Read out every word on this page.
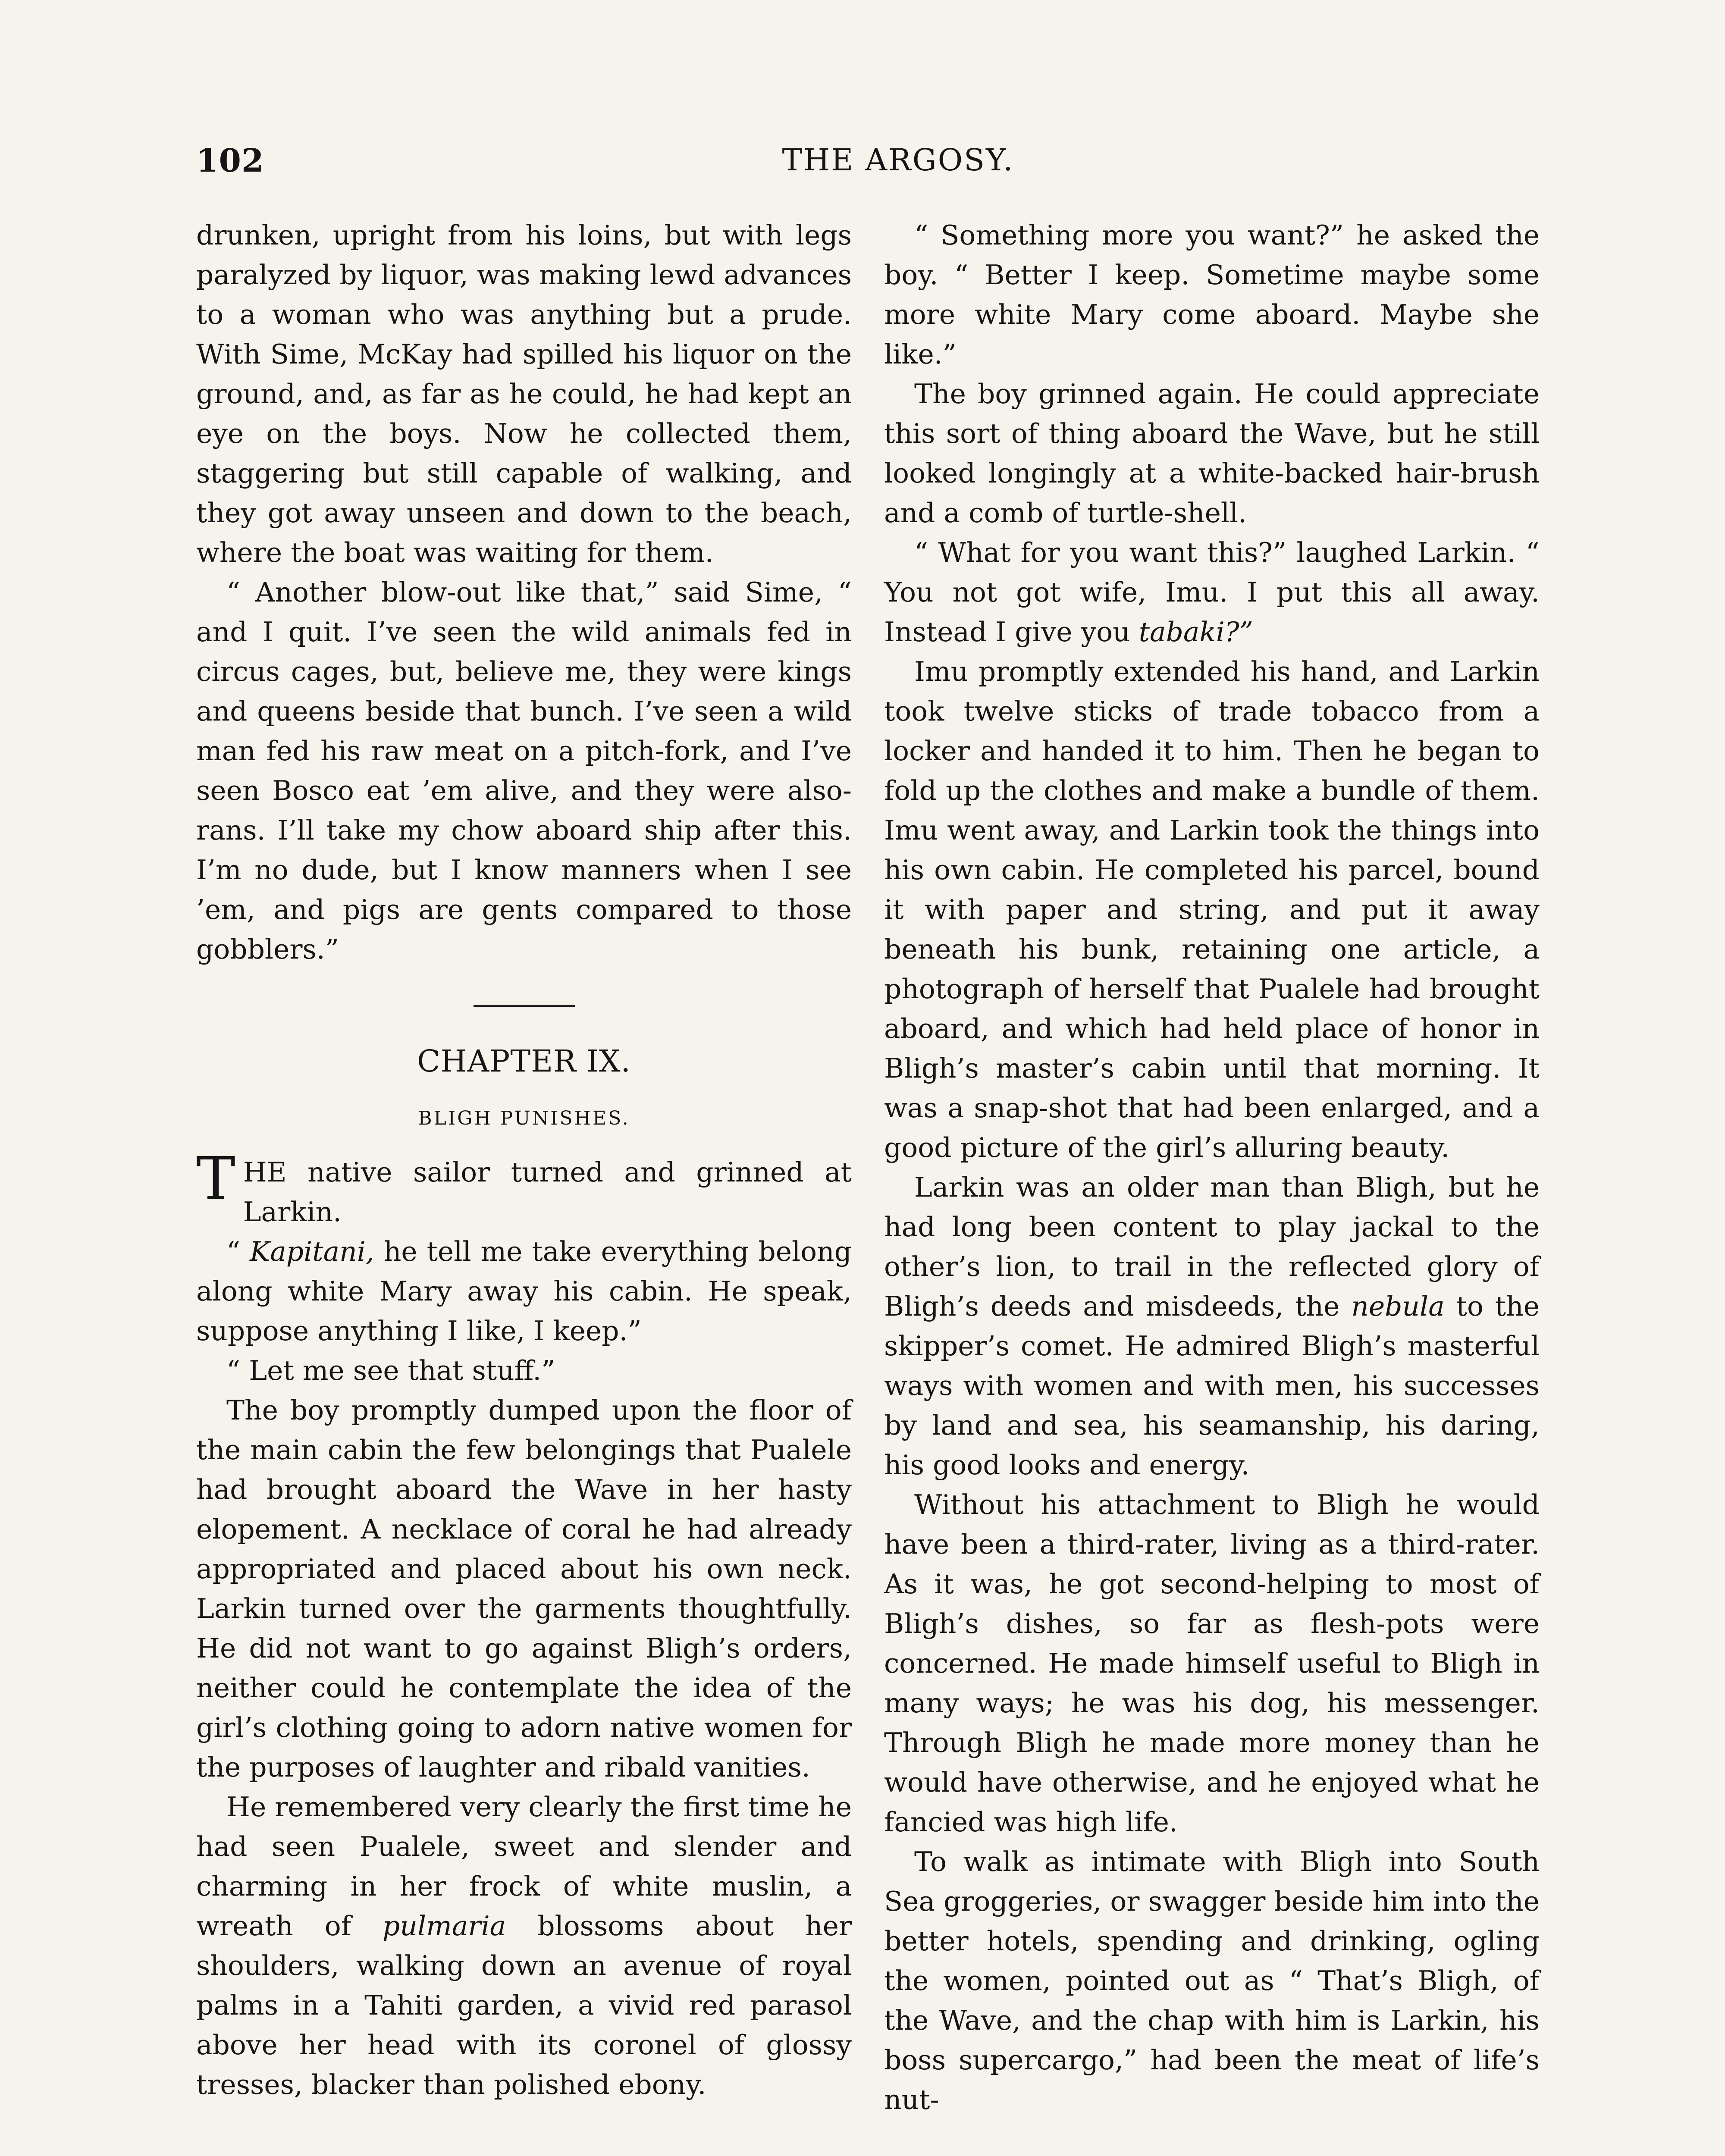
102	THE ARGOSY.

drunken, upright from his loins, but with legs paralyzed by liquor, was making lewd advances to a woman who was anything but a prude. With Sime, McKay had spilled his liquor on the ground, and, as far as he could, he had kept an eye on the boys. Now he collected them, staggering but still capable of walking, and they got away unseen and down to the beach, where the boat was waiting for them.

“ Another blow-out like that,” said Sime, “ and I quit. I’ve seen the wild animals fed in circus cages, but, believe me, they were kings and queens beside that bunch. I’ve seen a wild man fed his raw meat on a pitch-fork, and I’ve seen Bosco eat ’em alive, and they were also-rans. I’ll take my chow aboard ship after this. I’m no dude, but I know manners when I see ’em, and pigs are gents compared to those gobblers.”

CHAPTER IX.

BLIGH PUNISHES.

THE native sailor turned and grinned at Larkin.

“ Kapitani, he tell me take everything belong along white Mary away his cabin. He speak, suppose anything I like, I keep.”

“ Let me see that stuff.”

The boy promptly dumped upon the floor of the main cabin the few belongings that Pualele had brought aboard the Wave in her hasty elopement. A necklace of coral he had already appropriated and placed about his own neck. Larkin turned over the garments thoughtfully. He did not want to go against Bligh’s orders, neither could he contemplate the idea of the girl’s clothing going to adorn native women for the purposes of laughter and ribald vanities.

He remembered very clearly the first time he had seen Pualele, sweet and slender and charming in her frock of white muslin, a wreath of pulmaria blossoms about her shoulders, walking down an avenue of royal palms in a Tahiti garden, a vivid red parasol above her head with its coronel of glossy tresses, blacker than polished ebony.

“ Something more you want?” he asked the boy. “ Better I keep. Sometime maybe some more white Mary come aboard. Maybe she like.”

The boy grinned again. He could appreciate this sort of thing aboard the Wave, but he still looked longingly at a white-backed hair-brush and a comb of turtle-shell.

“ What for you want this?” laughed Larkin. “ You not got wife, Imu. I put this all away. Instead I give you tabaki?”

Imu promptly extended his hand, and Larkin took twelve sticks of trade tobacco from a locker and handed it to him. Then he began to fold up the clothes and make a bundle of them. Imu went away, and Larkin took the things into his own cabin. He completed his parcel, bound it with paper and string, and put it away beneath his bunk, retaining one article, a photograph of herself that Pualele had brought aboard, and which had held place of honor in Bligh’s master’s cabin until that morning. It was a snap-shot that had been enlarged, and a good picture of the girl’s alluring beauty.

Larkin was an older man than Bligh, but he had long been content to play jackal to the other’s lion, to trail in the reflected glory of Bligh’s deeds and misdeeds, the nebula to the skipper’s comet. He admired Bligh’s masterful ways with women and with men, his successes by land and sea, his seamanship, his daring, his good looks and energy.

Without his attachment to Bligh he would have been a third-rater, living as a third-rater. As it was, he got second-helping to most of Bligh’s dishes, so far as flesh-pots were concerned. He made himself useful to Bligh in many ways; he was his dog, his messenger. Through Bligh he made more money than he would have otherwise, and he enjoyed what he fancied was high life.

To walk as intimate with Bligh into South Sea groggeries, or swagger beside him into the better hotels, spending and drinking, ogling the women, pointed out as “ That’s Bligh, of the Wave, and the chap with him is Larkin, his boss supercargo,” had been the meat of life’s nut-
